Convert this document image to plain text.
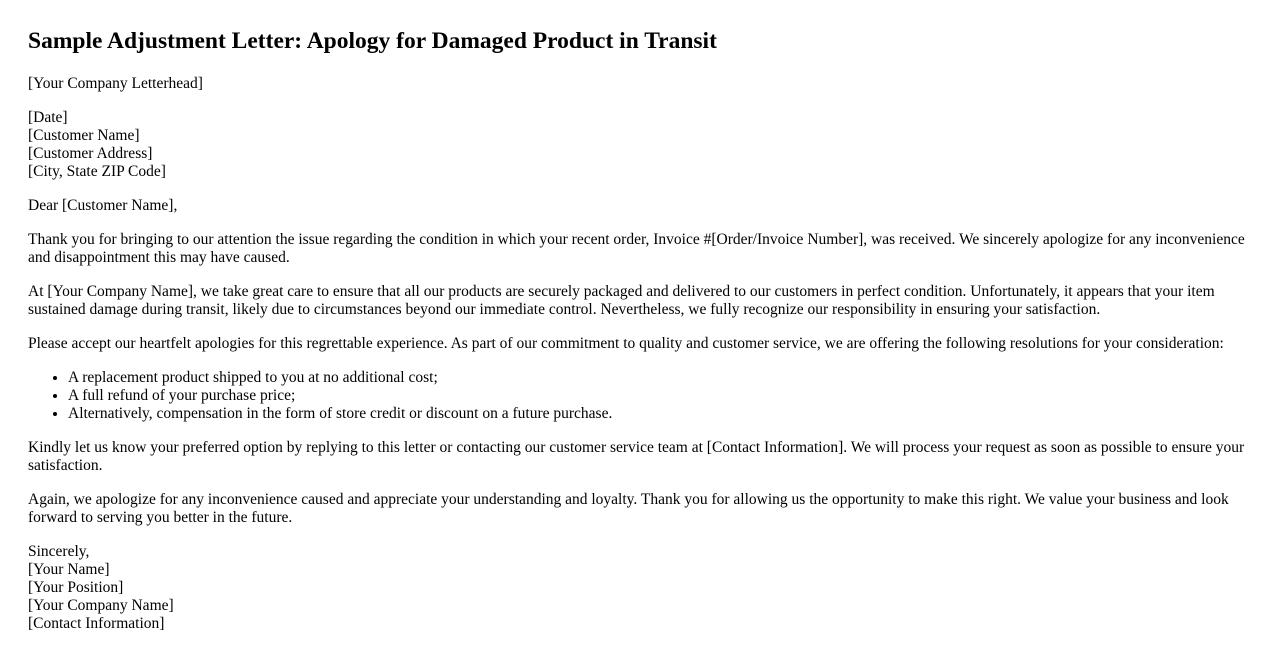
Sample Adjustment Letter: Apology for Damaged Product in Transit

[Your Company Letterhead]

[Date]
[Customer Name]
[Customer Address]
[City, State ZIP Code]

Dear [Customer Name],

Thank you for bringing to our attention the issue regarding the condition in which your recent order, Invoice #[Order/Invoice Number], was received. We sincerely apologize for any inconvenience and disappointment this may have caused.

At [Your Company Name], we take great care to ensure that all our products are securely packaged and delivered to our customers in perfect condition. Unfortunately, it appears that your item sustained damage during transit, likely due to circumstances beyond our immediate control. Nevertheless, we fully recognize our responsibility in ensuring your satisfaction.

Please accept our heartfelt apologies for this regrettable experience. As part of our commitment to quality and customer service, we are offering the following resolutions for your consideration:

• A replacement product shipped to you at no additional cost;
• A full refund of your purchase price;
• Alternatively, compensation in the form of store credit or discount on a future purchase.

Kindly let us know your preferred option by replying to this letter or contacting our customer service team at [Contact Information]. We will process your request as soon as possible to ensure your satisfaction.

Again, we apologize for any inconvenience caused and appreciate your understanding and loyalty. Thank you for allowing us the opportunity to make this right. We value your business and look forward to serving you better in the future.

Sincerely,
[Your Name]
[Your Position]
[Your Company Name]
[Contact Information]
